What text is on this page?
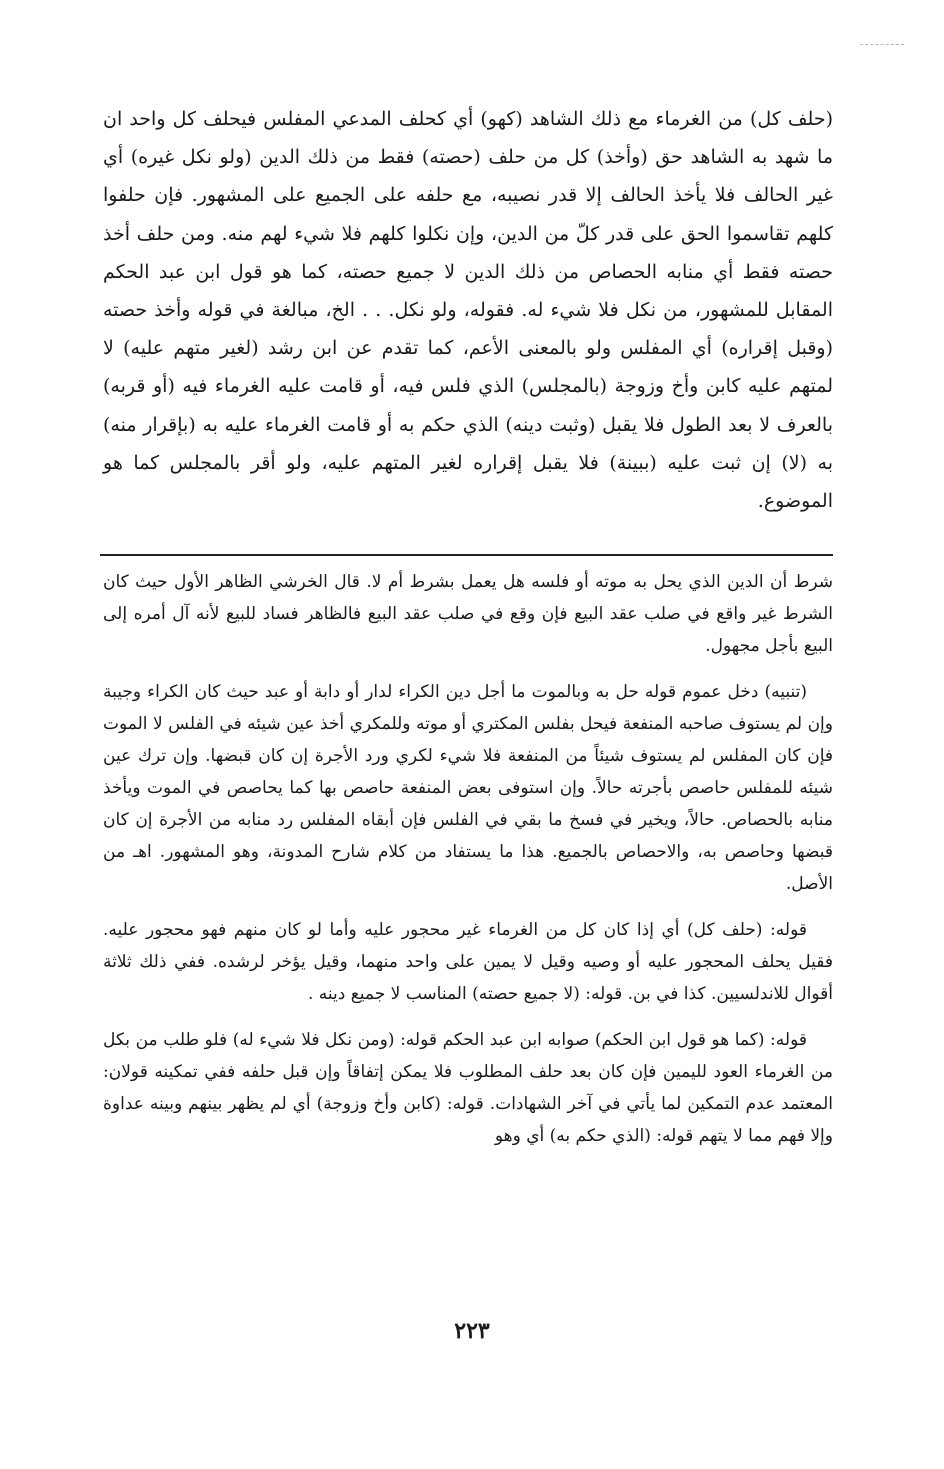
(حلف كل) من الغرماء مع ذلك الشاهد (كهو) أي كحلف المدعي المفلس فيحلف كل واحد ان ما شهد به الشاهد حق (وأخذ) كل من حلف (حصته) فقط من ذلك الدين (ولو نكل غيره) أي غير الحالف فلا يأخذ الحالف إلا قدر نصيبه، مع حلفه على الجميع على المشهور. فإن حلفوا كلهم تقاسموا الحق على قدر كلّ من الدين، وإن نكلوا كلهم فلا شيء لهم منه. ومن حلف أخذ حصته فقط أي منابه الحصاص من ذلك الدين لا جميع حصته، كما هو قول ابن عبد الحكم المقابل للمشهور، من نكل فلا شيء له. فقوله، ولو نكل. . . الخ، مبالغة في قوله وأخذ حصته (وقبل إقراره) أي المفلس ولو بالمعنى الأعم، كما تقدم عن ابن رشد (لغير متهم عليه) لا لمتهم عليه كابن وأخ وزوجة (بالمجلس) الذي فلس فيه، أو قامت عليه الغرماء فيه (أو قربه) بالعرف لا بعد الطول فلا يقبل (وثبت دينه) الذي حكم به أو قامت الغرماء عليه به (بإقرار منه) به (لا) إن ثبت عليه (ببينة) فلا يقبل إقراره لغير المتهم عليه، ولو أقر بالمجلس كما هو الموضوع.

شرط أن الدين الذي يحل به موته أو فلسه هل يعمل بشرط أم لا. قال الخرشي الظاهر الأول حيث كان الشرط غير واقع في صلب عقد البيع فإن وقع في صلب عقد البيع فالظاهر فساد للبيع لأنه آل أمره إلى البيع بأجل مجهول.

(تنبيه) دخل عموم قوله حل به وبالموت ما أجل دين الكراء لدار أو دابة أو عبد حيث كان الكراء وجيبة وإن لم يستوف صاحبه المنفعة فيحل بفلس المكتري أو موته وللمكري أخذ عين شيئه في الفلس لا الموت فإن كان المفلس لم يستوف شيئاً من المنفعة فلا شيء لكري ورد الأجرة إن كان قبضها. وإن ترك عين شيئه للمفلس حاصص بأجرته حالاً. وإن استوفى بعض المنفعة حاصص بها كما يحاصص في الموت ويأخذ منابه بالحصاص. حالاً، ويخير في فسخ ما بقي في الفلس فإن أبقاه المفلس رد منابه من الأجرة إن كان قبضها وحاصص به، والاحصاص بالجميع. هذا ما يستفاد من كلام شارح المدونة، وهو المشهور. اهـ من الأصل.

قوله: (حلف كل) أي إذا كان كل من الغرماء غير محجور عليه وأما لو كان منهم فهو محجور عليه. فقيل يحلف المحجور عليه أو وصيه وقيل لا يمين على واحد منهما، وقيل يؤخر لرشده. ففي ذلك ثلاثة أقوال للاندلسيين. كذا في بن. قوله: (لا جميع حصته) المناسب لا جميع دينه .

قوله: (كما هو قول ابن الحكم) صوابه ابن عبد الحكم قوله: (ومن نكل فلا شيء له) فلو طلب من بكل من الغرماء العود لليمين فإن كان بعد حلف المطلوب فلا يمكن إتفاقاً وإن قبل حلفه ففي تمكينه قولان: المعتمد عدم التمكين لما يأتي في آخر الشهادات. قوله: (كابن وأخ وزوجة) أي لم يظهر بينهم وبينه عداوة وإلا فهم مما لا يتهم قوله: (الذي حكم به) أي وهو

٢٢٣
